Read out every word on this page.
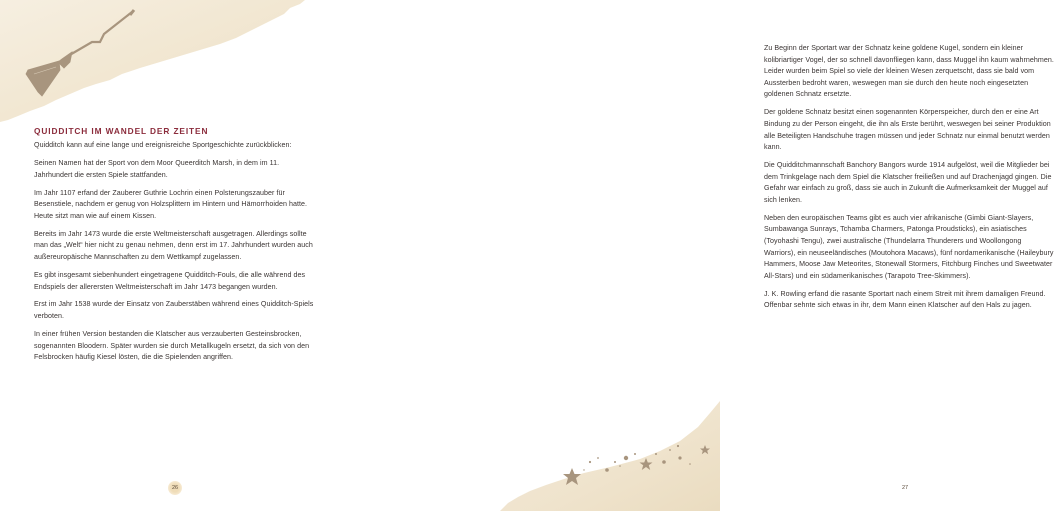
QUIDDITCH IM WANDEL DER ZEITEN

Quidditch kann auf eine lange und ereignisreiche Sportgeschichte zurückblicken:

Seinen Namen hat der Sport von dem Moor Queerditch Marsh, in dem im 11. Jahrhundert die ersten Spiele stattfanden.

Im Jahr 1107 erfand der Zauberer Guthrie Lochrin einen Polsterungszauber für Besenstiele, nachdem er genug von Holzsplittern im Hintern und Hämorrhoiden hatte. Heute sitzt man wie auf einem Kissen.

Bereits im Jahr 1473 wurde die erste Weltmeisterschaft ausgetragen. Allerdings sollte man das „Welt“ hier nicht zu genau nehmen, denn erst im 17. Jahrhundert wurden auch außereuropäische Mannschaften zu dem Wettkampf zugelassen.

Es gibt insgesamt siebenhundert eingetragene Quidditch-Fouls, die alle während des Endspiels der allerersten Weltmeisterschaft im Jahr 1473 begangen wurden.

Erst im Jahr 1538 wurde der Einsatz von Zauberstäben während eines Quidditch-Spiels verboten.

In einer frühen Version bestanden die Klatscher aus verzauberten Gesteinsbrocken, sogenannten Bloodern. Später wurden sie durch Metallkugeln ersetzt, da sich von den Felsbrocken häufig Kiesel lösten, die die Spielenden angriffen.

26

Zu Beginn der Sportart war der Schnatz keine goldene Kugel, sondern ein kleiner kolibriartiger Vogel, der so schnell davonfliegen kann, dass Muggel ihn kaum wahrnehmen. Leider wurden beim Spiel so viele der kleinen Wesen zerquetscht, dass sie bald vom Aussterben bedroht waren, weswegen man sie durch den heute noch eingesetzten goldenen Schnatz ersetzte.

Der goldene Schnatz besitzt einen sogenannten Körperspeicher, durch den er eine Art Bindung zu der Person eingeht, die ihn als Erste berührt, weswegen bei seiner Produktion alle Beteiligten Handschuhe tragen müssen und jeder Schnatz nur einmal benutzt werden kann.

Die Quidditchmannschaft Banchory Bangors wurde 1914 aufgelöst, weil die Mitglieder bei dem Trinkgelage nach dem Spiel die Klatscher freiließen und auf Drachenjagd gingen. Die Gefahr war einfach zu groß, dass sie auch in Zukunft die Aufmerksamkeit der Muggel auf sich lenken.

Neben den europäischen Teams gibt es auch vier afrikanische (Gimbi Giant-Slayers, Sumbawanga Sunrays, Tchamba Charmers, Patonga Proudsticks), ein asiatisches (Toyohashi Tengu), zwei australische (Thundelarra Thunderers und Woollongong Warriors), ein neuseeländisches (Moutohora Macaws), fünf nordamerikanische (Haileybury Hammers, Moose Jaw Meteorites, Stonewall Stormers, Fitchburg Finches und Sweetwater All-Stars) und ein südamerikanisches (Tarapoto Tree-Skimmers).

J. K. Rowling erfand die rasante Sportart nach einem Streit mit ihrem damaligen Freund. Offenbar sehnte sich etwas in ihr, dem Mann einen Klatscher auf den Hals zu jagen.

27
